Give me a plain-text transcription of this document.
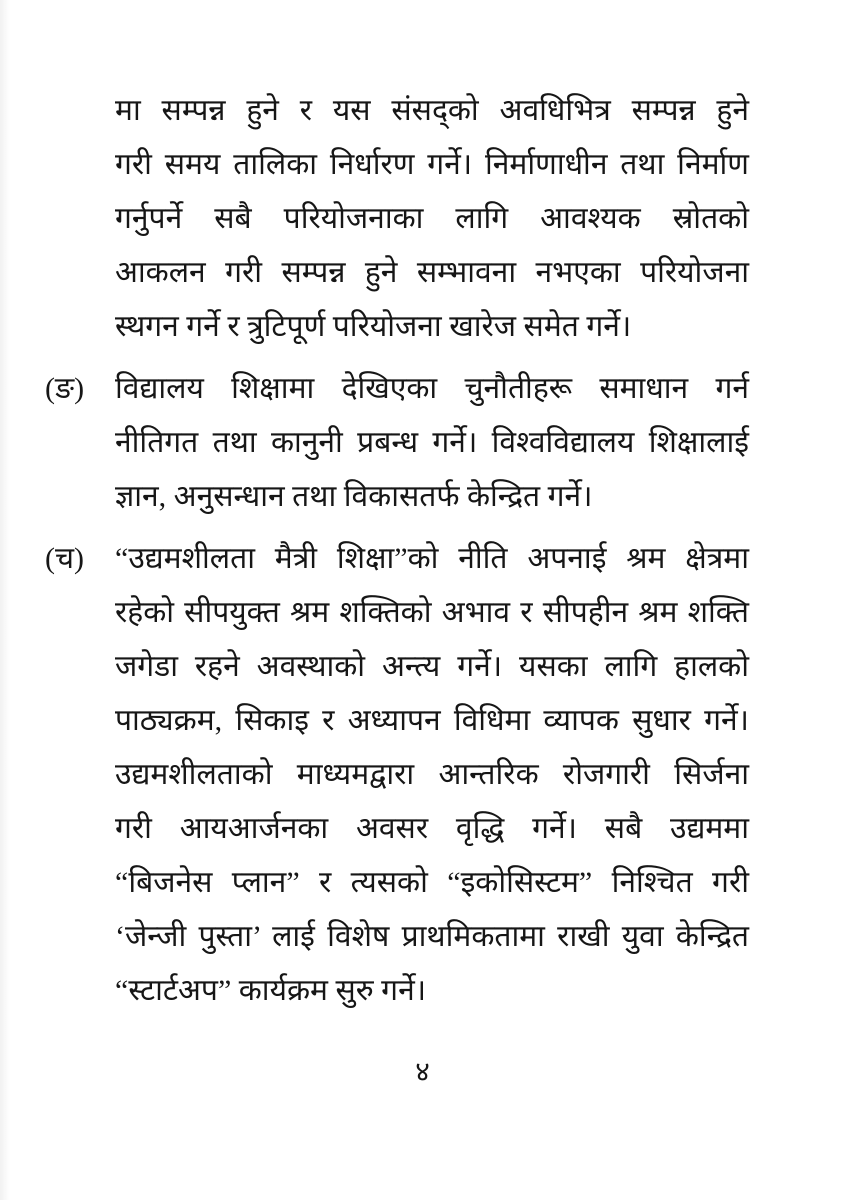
मा सम्पन्न हुने र यस संसद्को अवधिभित्र सम्पन्न हुने
गरी समय तालिका निर्धारण गर्ने। निर्माणाधीन तथा निर्माण
गर्नुपर्ने सबै परियोजनाका लागि आवश्यक स्रोतको
आकलन गरी सम्पन्न हुने सम्भावना नभएका परियोजना
स्थगन गर्ने र त्रुटिपूर्ण परियोजना खारेज समेत गर्ने।
(ङ)	विद्यालय शिक्षामा देखिएका चुनौतीहरू समाधान गर्न
नीतिगत तथा कानुनी प्रबन्ध गर्ने। विश्वविद्यालय शिक्षालाई
ज्ञान, अनुसन्धान तथा विकासतर्फ केन्द्रित गर्ने।
(च)	“उद्यमशीलता मैत्री शिक्षा”को नीति अपनाई श्रम क्षेत्रमा
रहेको सीपयुक्त श्रम शक्तिको अभाव र सीपहीन श्रम शक्ति
जगेडा रहने अवस्थाको अन्त्य गर्ने। यसका लागि हालको
पाठ्यक्रम, सिकाइ र अध्यापन विधिमा व्यापक सुधार गर्ने।
उद्यमशीलताको माध्यमद्वारा आन्तरिक रोजगारी सिर्जना
गरी आयआर्जनका अवसर वृद्धि गर्ने। सबै उद्यममा
“बिजनेस प्लान” र त्यसको “इकोसिस्टम” निश्चित गरी
‘जेन्जी पुस्ता’ लाई विशेष प्राथमिकतामा राखी युवा केन्द्रित
“स्टार्टअप” कार्यक्रम सुरु गर्ने।
४
